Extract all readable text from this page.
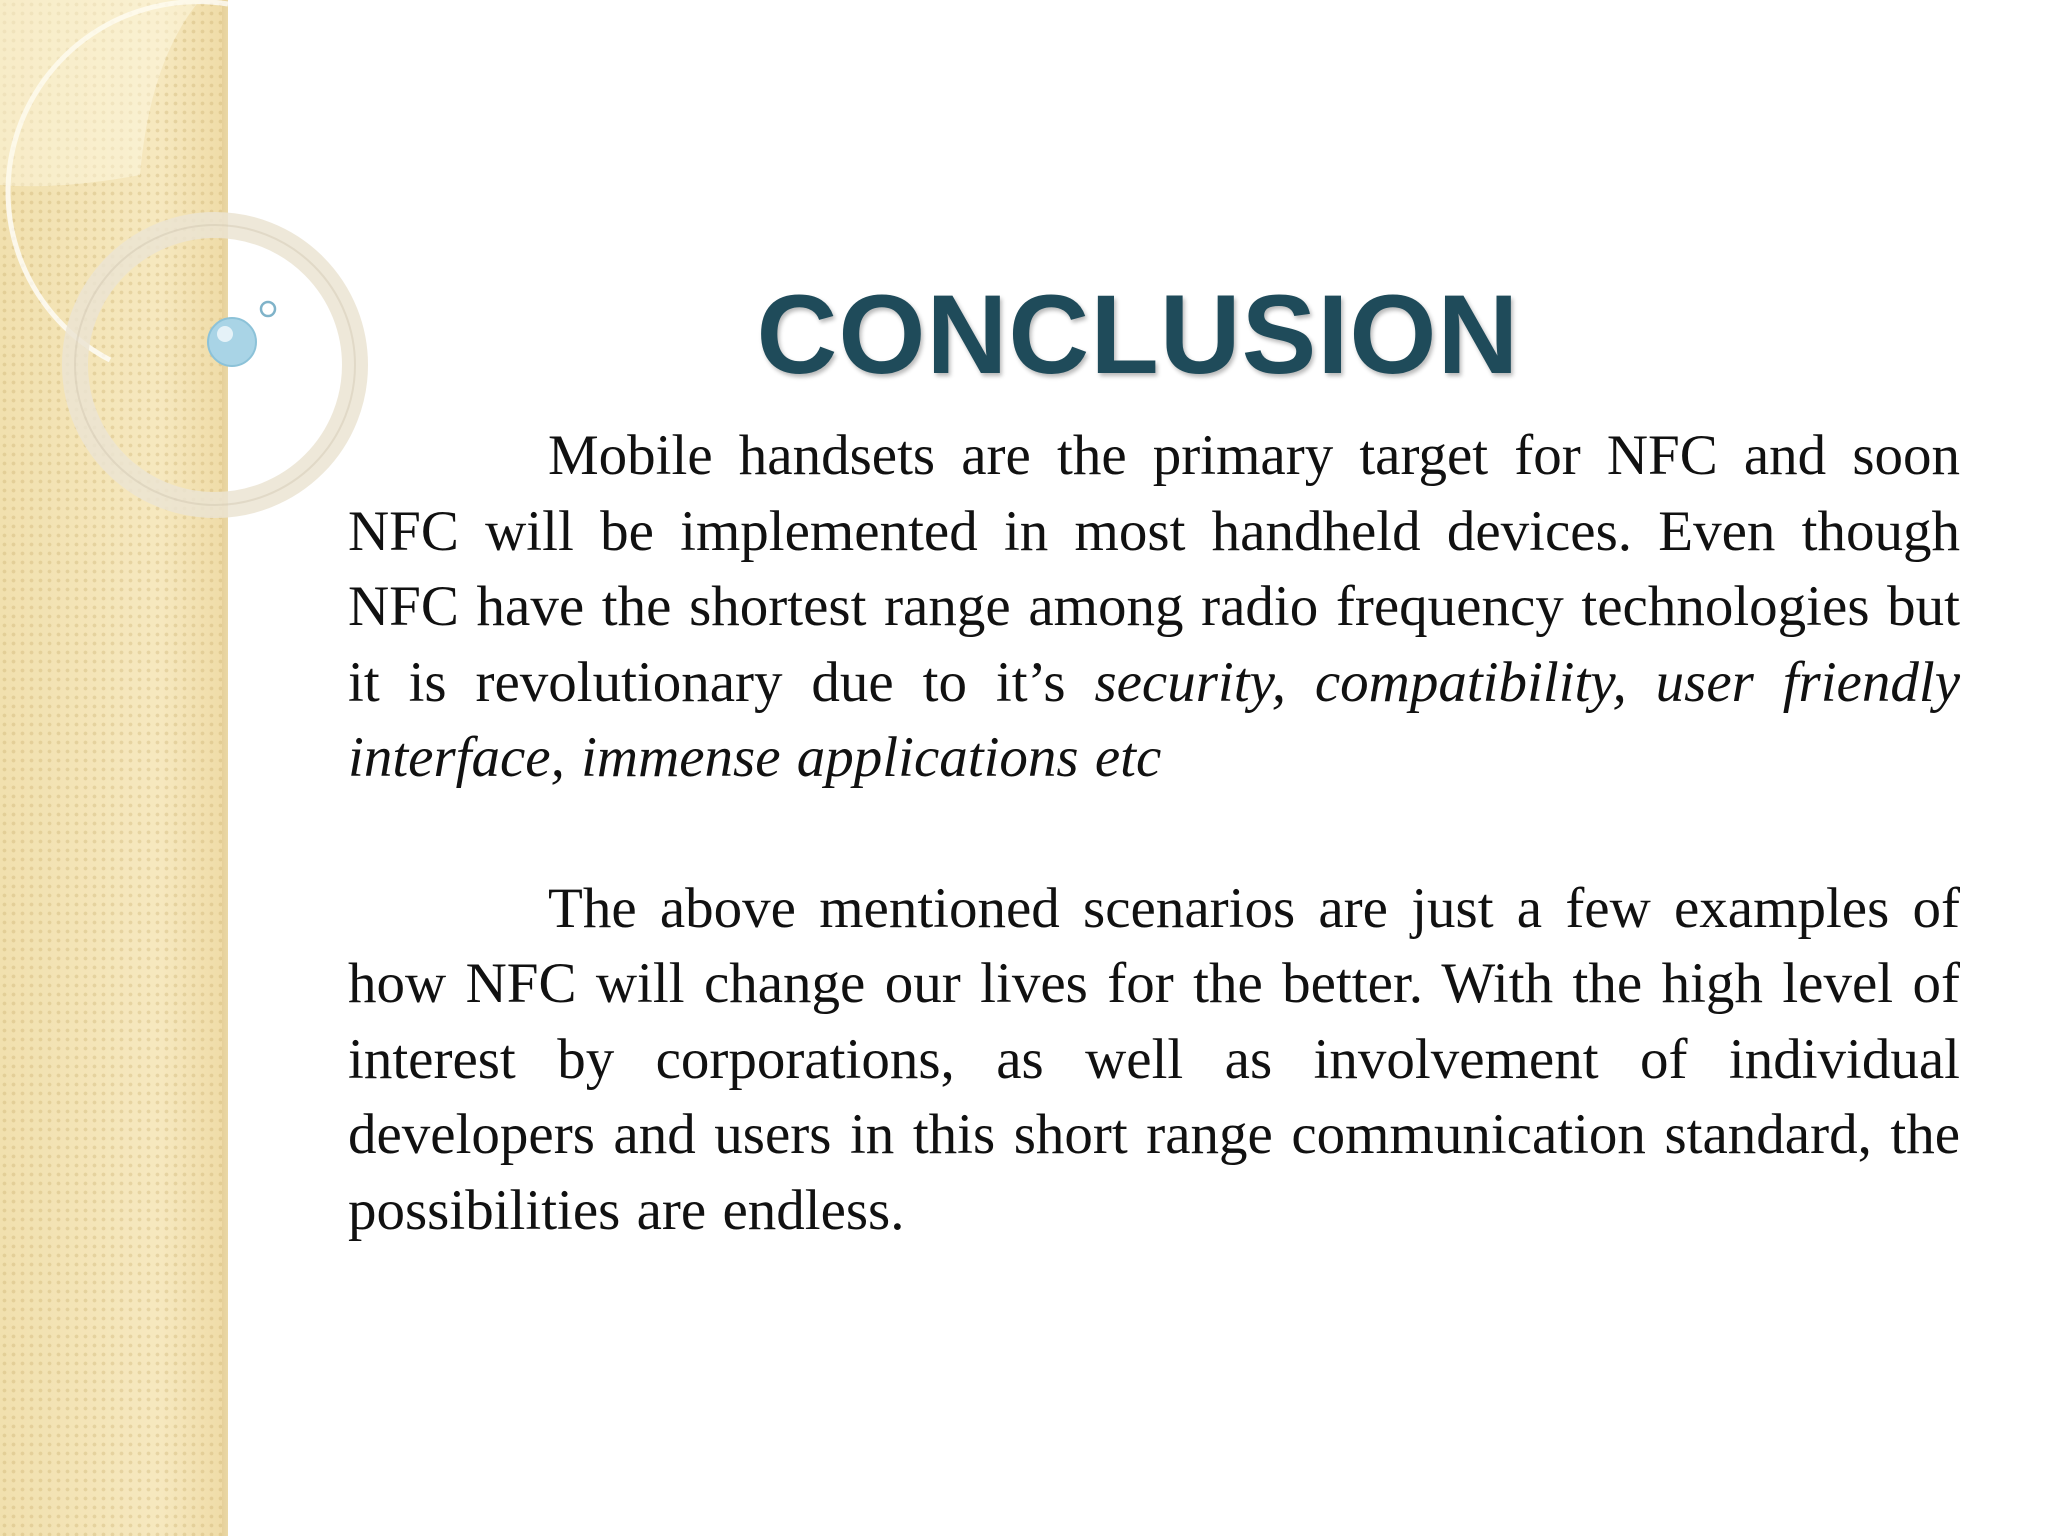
CONCLUSION

Mobile handsets are the primary target for NFC and soon NFC will be implemented in most handheld devices. Even though NFC have the shortest range among radio frequency technologies but it is revolutionary due to it’s security, compatibility, user friendly interface, immense applications etc

The above mentioned scenarios are just a few examples of how NFC will change our lives for the better. With the high level of interest by corporations, as well as involvement of individual developers and users in this short range communication standard, the possibilities are endless.
